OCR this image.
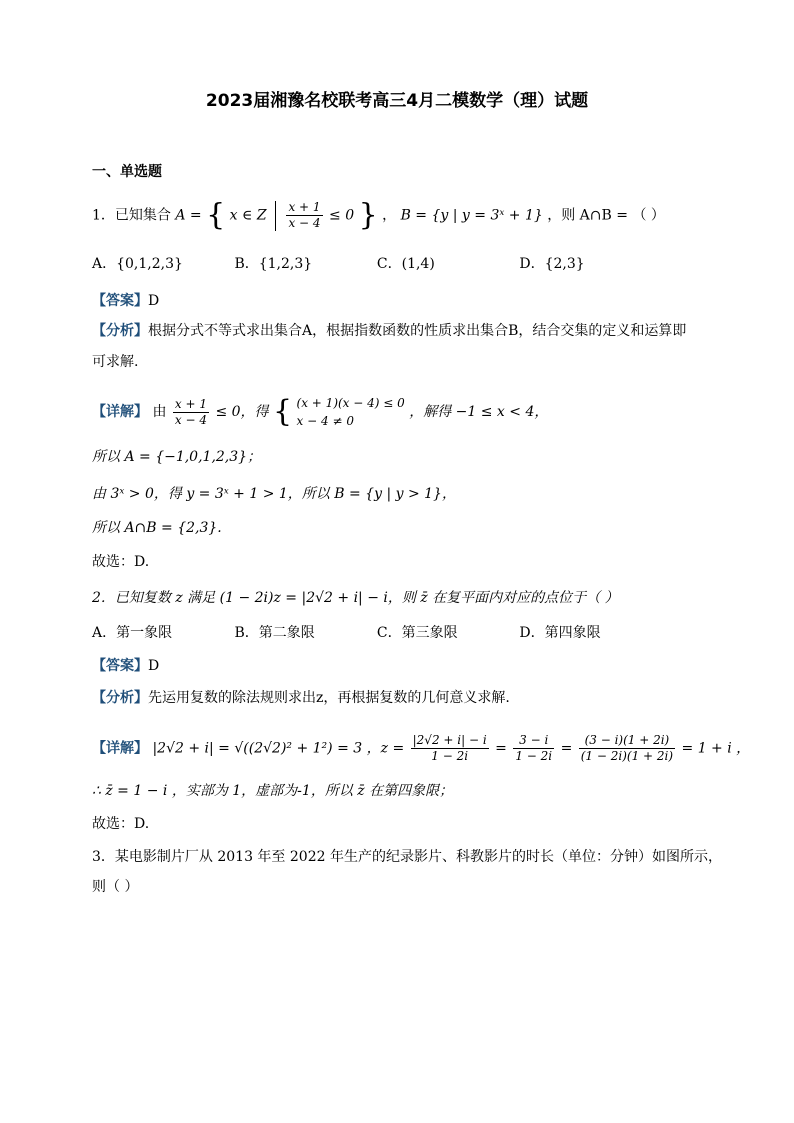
2023届湘豫名校联考高三4月二模数学（理）试题
一、单选题
1．已知集合 A = { x ∈ Z $\frac{x + 1}{x - 4} \le 0$ } ， B = {y | y = 3ˣ + 1} ，则 A∩B = （ ）
A．{0,1,2,3}	B．{1,2,3}	C．(1,4)	D．{2,3}
【答案】D
【分析】根据分式不等式求出集合A，根据指数函数的性质求出集合B，结合交集的定义和运算即
可求解.
【详解】 由 $\frac{x + 1}{x - 4} \le 0$，得 { (x + 1)(x − 4) ≤ 0
x − 4 ≠ 0
，解得 −1 ≤ x < 4，
所以 A = {−1,0,1,2,3}；
由 3ˣ > 0，得 y = 3ˣ + 1 > 1，所以 B = {y | y > 1}，
所以 A∩B = {2,3}.
故选：D.
2．已知复数 z 满足 (1 − 2i)z = |2√2 + i| − i，则 z̄ 在复平面内对应的点位于（ ）
A．第一象限	B．第二象限	C．第三象限	D．第四象限
【答案】D
【分析】先运用复数的除法规则求出z，再根据复数的几何意义求解.
【详解】 |2√2 + i| = √((2√2)² + 1²) = 3 ，$z = \frac{|2√2 + i| - i}{1 - 2i} = \frac{3 - i}{1 - 2i} = \frac{(3 - i)(1 + 2i)}{(1 - 2i)(1 + 2i)} = 1 + i$ ，
∴ z̄ = 1 − i ，实部为 1，虚部为-1，所以 z̄ 在第四象限；
故选：D.
3．某电影制片厂从 2013 年至 2022 年生产的纪录影片、科教影片的时长（单位：分钟）如图所示，
则（ ）
